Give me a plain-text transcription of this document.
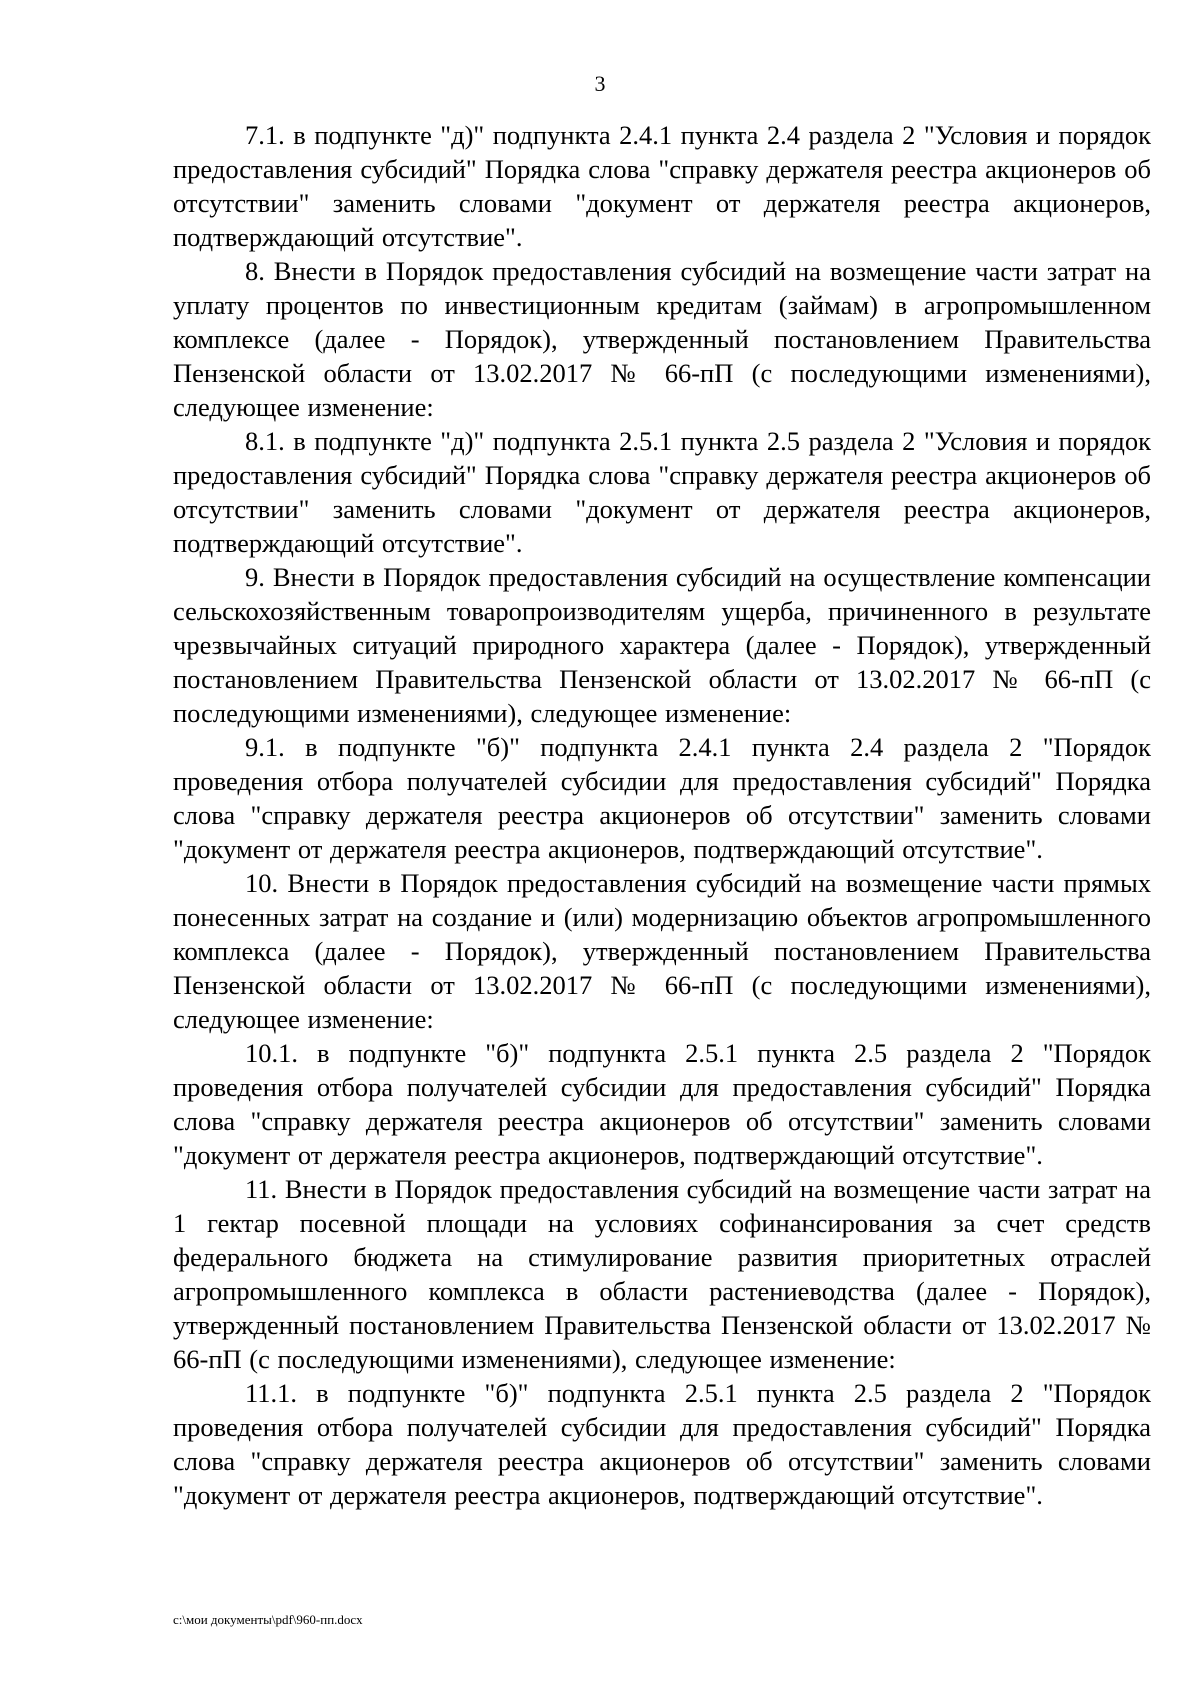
3

7.1. в подпункте "д)" подпункта 2.4.1 пункта 2.4 раздела 2 "Условия и порядок предоставления субсидий" Порядка слова "справку держателя реестра акционеров об отсутствии" заменить словами "документ от держателя реестра акционеров, подтверждающий отсутствие".

8. Внести в Порядок предоставления субсидий на возмещение части затрат на уплату процентов по инвестиционным кредитам (займам) в агропромышленном комплексе (далее - Порядок), утвержденный постановлением Правительства Пензенской области от 13.02.2017 № 66-пП (с последующими изменениями), следующее изменение:

8.1. в подпункте "д)" подпункта 2.5.1 пункта 2.5 раздела 2 "Условия и порядок предоставления субсидий" Порядка слова "справку держателя реестра акционеров об отсутствии" заменить словами "документ от держателя реестра акционеров, подтверждающий отсутствие".

9. Внести в Порядок предоставления субсидий на осуществление компенсации сельскохозяйственным товаропроизводителям ущерба, причиненного в результате чрезвычайных ситуаций природного характера (далее - Порядок), утвержденный постановлением Правительства Пензенской области от 13.02.2017 № 66-пП (с последующими изменениями), следующее изменение:

9.1. в подпункте "б)" подпункта 2.4.1 пункта 2.4 раздела 2 "Порядок проведения отбора получателей субсидии для предоставления субсидий" Порядка слова "справку держателя реестра акционеров об отсутствии" заменить словами "документ от держателя реестра акционеров, подтверждающий отсутствие".

10. Внести в Порядок предоставления субсидий на возмещение части прямых понесенных затрат на создание и (или) модернизацию объектов агропромышленного комплекса (далее - Порядок), утвержденный постановлением Правительства Пензенской области от 13.02.2017 № 66-пП (с последующими изменениями), следующее изменение:

10.1. в подпункте "б)" подпункта 2.5.1 пункта 2.5 раздела 2 "Порядок проведения отбора получателей субсидии для предоставления субсидий" Порядка слова "справку держателя реестра акционеров об отсутствии" заменить словами "документ от держателя реестра акционеров, подтверждающий отсутствие".

11. Внести в Порядок предоставления субсидий на возмещение части затрат на 1 гектар посевной площади на условиях софинансирования за счет средств федерального бюджета на стимулирование развития приоритетных отраслей агропромышленного комплекса в области растениеводства (далее - Порядок), утвержденный постановлением Правительства Пензенской области от 13.02.2017 № 66-пП (с последующими изменениями), следующее изменение:

11.1. в подпункте "б)" подпункта 2.5.1 пункта 2.5 раздела 2 "Порядок проведения отбора получателей субсидии для предоставления субсидий" Порядка слова "справку держателя реестра акционеров об отсутствии" заменить словами "документ от держателя реестра акционеров, подтверждающий отсутствие".

c:\мои документы\pdf\960-пп.docx
